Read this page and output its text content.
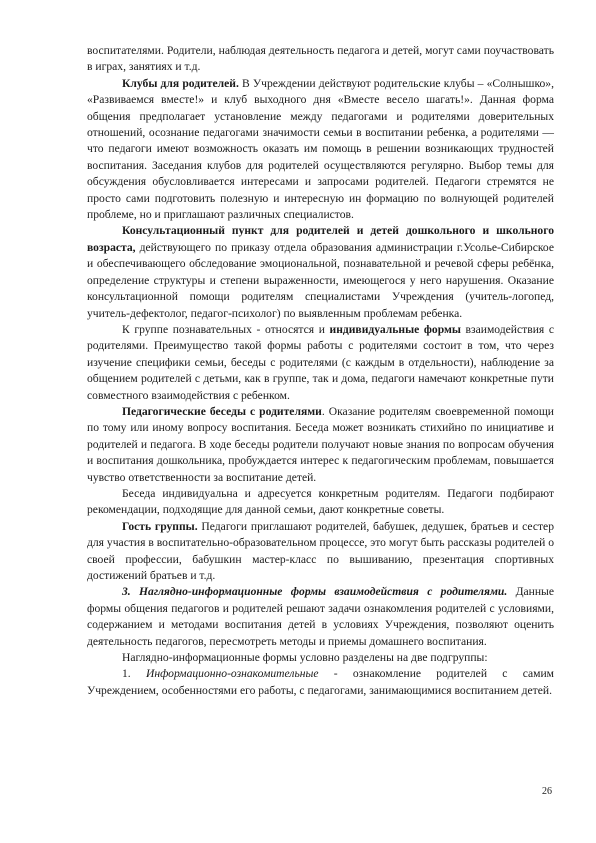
воспитателями. Родители, наблюдая деятельность педагога и детей, могут сами поучаствовать в играх, занятиях и т.д.

Клубы для родителей. В Учреждении действуют родительские клубы – «Солнышко», «Развиваемся вместе!» и клуб выходного дня «Вместе весело шагать!». Данная форма общения предполагает установление между педагогами и родителями доверительных отношений, осознание педагогами значимости семьи в воспитании ребенка, а родителями — что педагоги имеют возможность оказать им помощь в решении возникающих трудностей воспитания. Заседания клубов для родителей осуществляются регулярно. Выбор темы для обсуждения обусловливается интересами и запросами родителей. Педагоги стремятся не просто сами подготовить полезную и интересную ин формацию по волнующей родителей проблеме, но и приглашают различных специалистов.

Консультационный пункт для родителей и детей дошкольного и школьного возраста, действующего по приказу отдела образования администрации г.Усолье-Сибирское и обеспечивающего обследование эмоциональной, познавательной и речевой сферы ребёнка, определение структуры и степени выраженности, имеющегося у него нарушения. Оказание консультационной помощи родителям специалистами Учреждения (учитель-логопед, учитель-дефектолог, педагог-психолог) по выявленным проблемам ребенка.

К группе познавательных - относятся и индивидуальные формы взаимодействия с родителями. Преимущество такой формы работы с родителями состоит в том, что через изучение специфики семьи, беседы с родителями (с каждым в отдельности), наблюдение за общением родителей с детьми, как в группе, так и дома, педагоги намечают конкретные пути совместного взаимодействия с ребенком.

Педагогические беседы с родителями. Оказание родителям своевременной помощи по тому или иному вопросу воспитания. Беседа может возникать стихийно по инициативе и родителей и педагога. В ходе беседы родители получают новые знания по вопросам обучения и воспитания дошкольника, пробуждается интерес к педагогическим проблемам, повышается чувство ответственности за воспитание детей.

Беседа индивидуальна и адресуется конкретным родителям. Педагоги подбирают рекомендации, подходящие для данной семьи, дают конкретные советы.

Гость группы. Педагоги приглашают родителей, бабушек, дедушек, братьев и сестер для участия в воспитательно-образовательном процессе, это могут быть рассказы родителей о своей профессии, бабушкин мастер-класс по вышиванию, презентация спортивных достижений братьев и т.д.

3. Наглядно-информационные формы взаимодействия с родителями. Данные формы общения педагогов и родителей решают задачи ознакомления родителей с условиями, содержанием и методами воспитания детей в условиях Учреждения, позволяют оценить деятельность педагогов, пересмотреть методы и приемы домашнего воспитания.

Наглядно-информационные формы условно разделены на две подгруппы:

1. Информационно-ознакомительные - ознакомление родителей с самим Учреждением, особенностями его работы, с педагогами, занимающимися воспитанием детей.

26
